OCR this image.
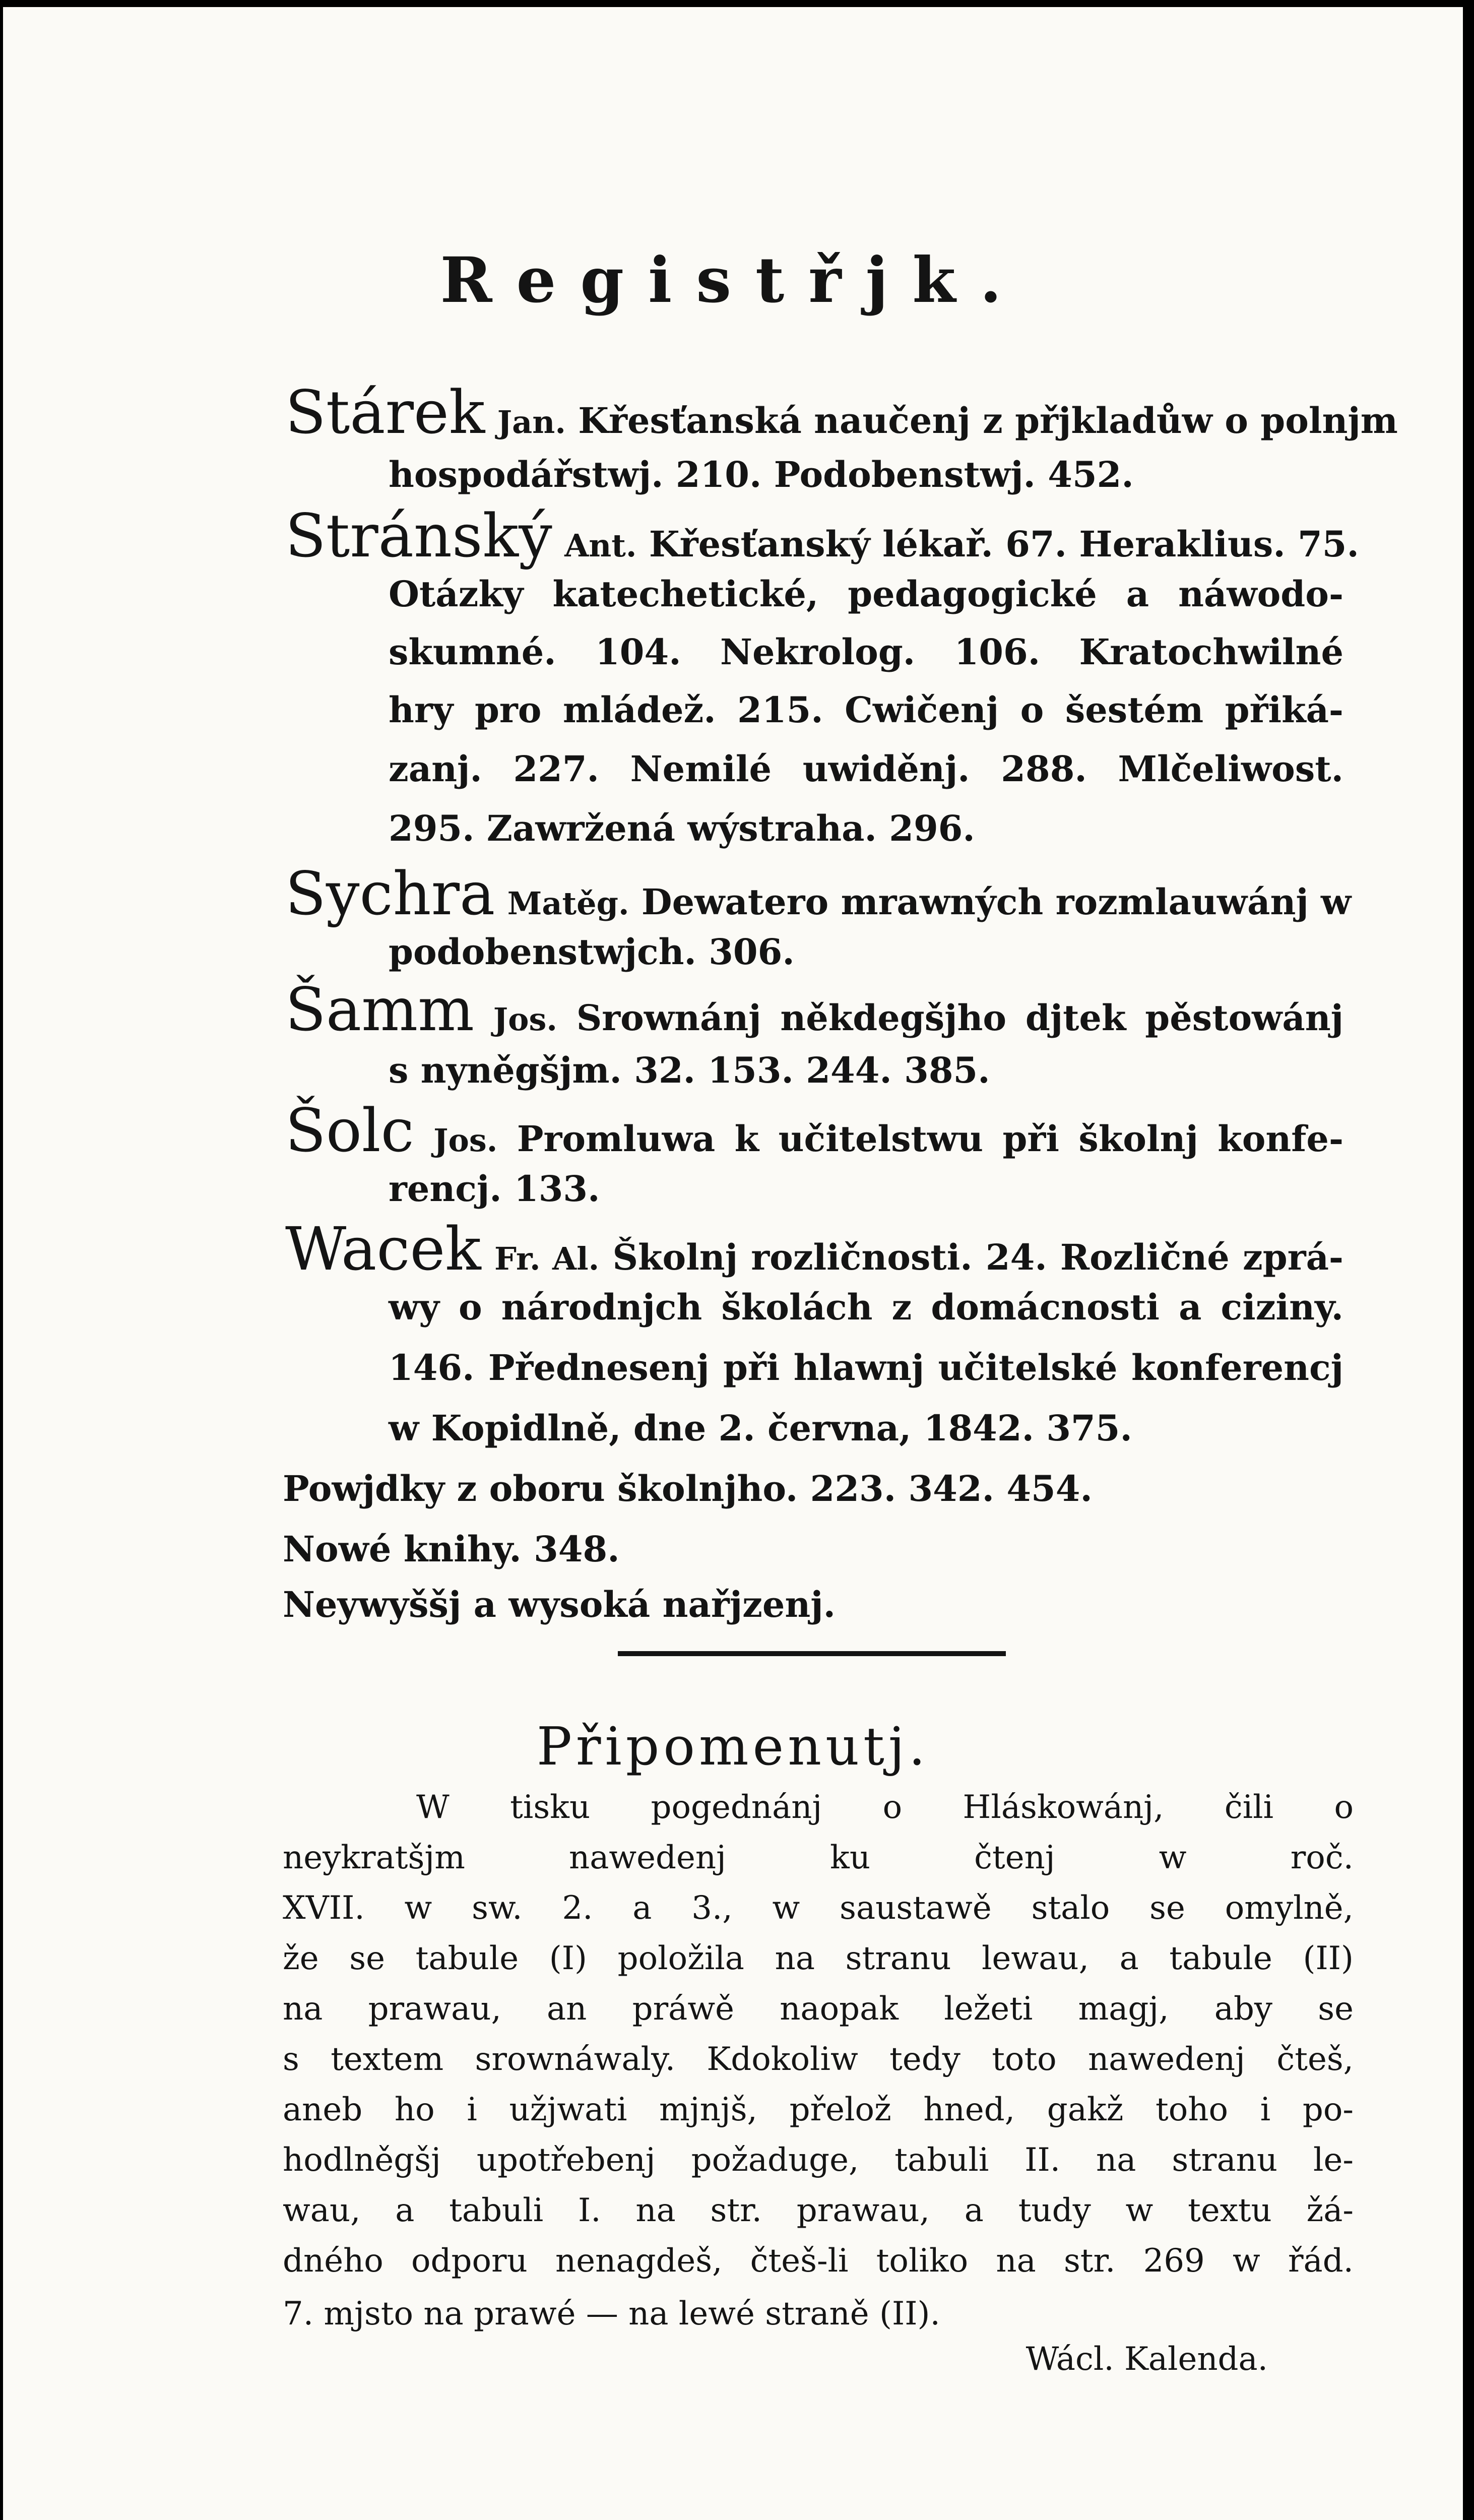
Registřjk.
Stárek Jan. Křesťanská naučenj z přjkladůw o polnjm
hospodářstwj. 210. Podobenstwj. 452.
Stránský Ant. Křesťanský lékař. 67. Heraklius. 75.
Otázky katechetické, pedagogické a náwodo-
skumné. 104. Nekrolog. 106. Kratochwilné
hry pro mládež. 215. Cwičenj o šestém přiká-
zanj. 227. Nemilé uwiděnj. 288. Mlčeliwost.
295. Zawržená wýstraha. 296.
Sychra Matěg. Dewatero mrawných rozmlauwánj w
podobenstwjch. 306.
Šamm Jos. Srownánj někdegšjho djtek pěstowánj
s nyněgšjm. 32. 153. 244. 385.
Šolc Jos. Promluwa k učitelstwu při školnj konfe-
rencj. 133.
Wacek Fr. Al. Školnj rozličnosti. 24. Rozličné zprá-
wy o národnjch školách z domácnosti a ciziny.
146. Přednesenj při hlawnj učitelské konferencj
w Kopidlně, dne 2. června, 1842. 375.
Powjdky z oboru školnjho. 223. 342. 454.
Nowé knihy. 348.
Neywyššj a wysoká nařjzenj.
Připomenutj.
W tisku pogednánj o Hláskowánj, čili o
neykratšjm nawedenj ku čtenj w roč.
XVII. w sw. 2. a 3., w saustawě stalo se omylně,
že se tabule (I) položila na stranu lewau, a tabule (II)
na prawau, an práwě naopak ležeti magj, aby se
s textem srownáwaly. Kdokoliw tedy toto nawedenj čteš,
aneb ho i užjwati mjnjš, přelož hned, gakž toho i po-
hodlněgšj upotřebenj požaduge, tabuli II. na stranu le-
wau, a tabuli I. na str. prawau, a tudy w textu žá-
dného odporu nenagdeš, čteš-li toliko na str. 269 w řád.
7. mjsto na prawé — na lewé straně (II).
Wácl. Kalenda.
